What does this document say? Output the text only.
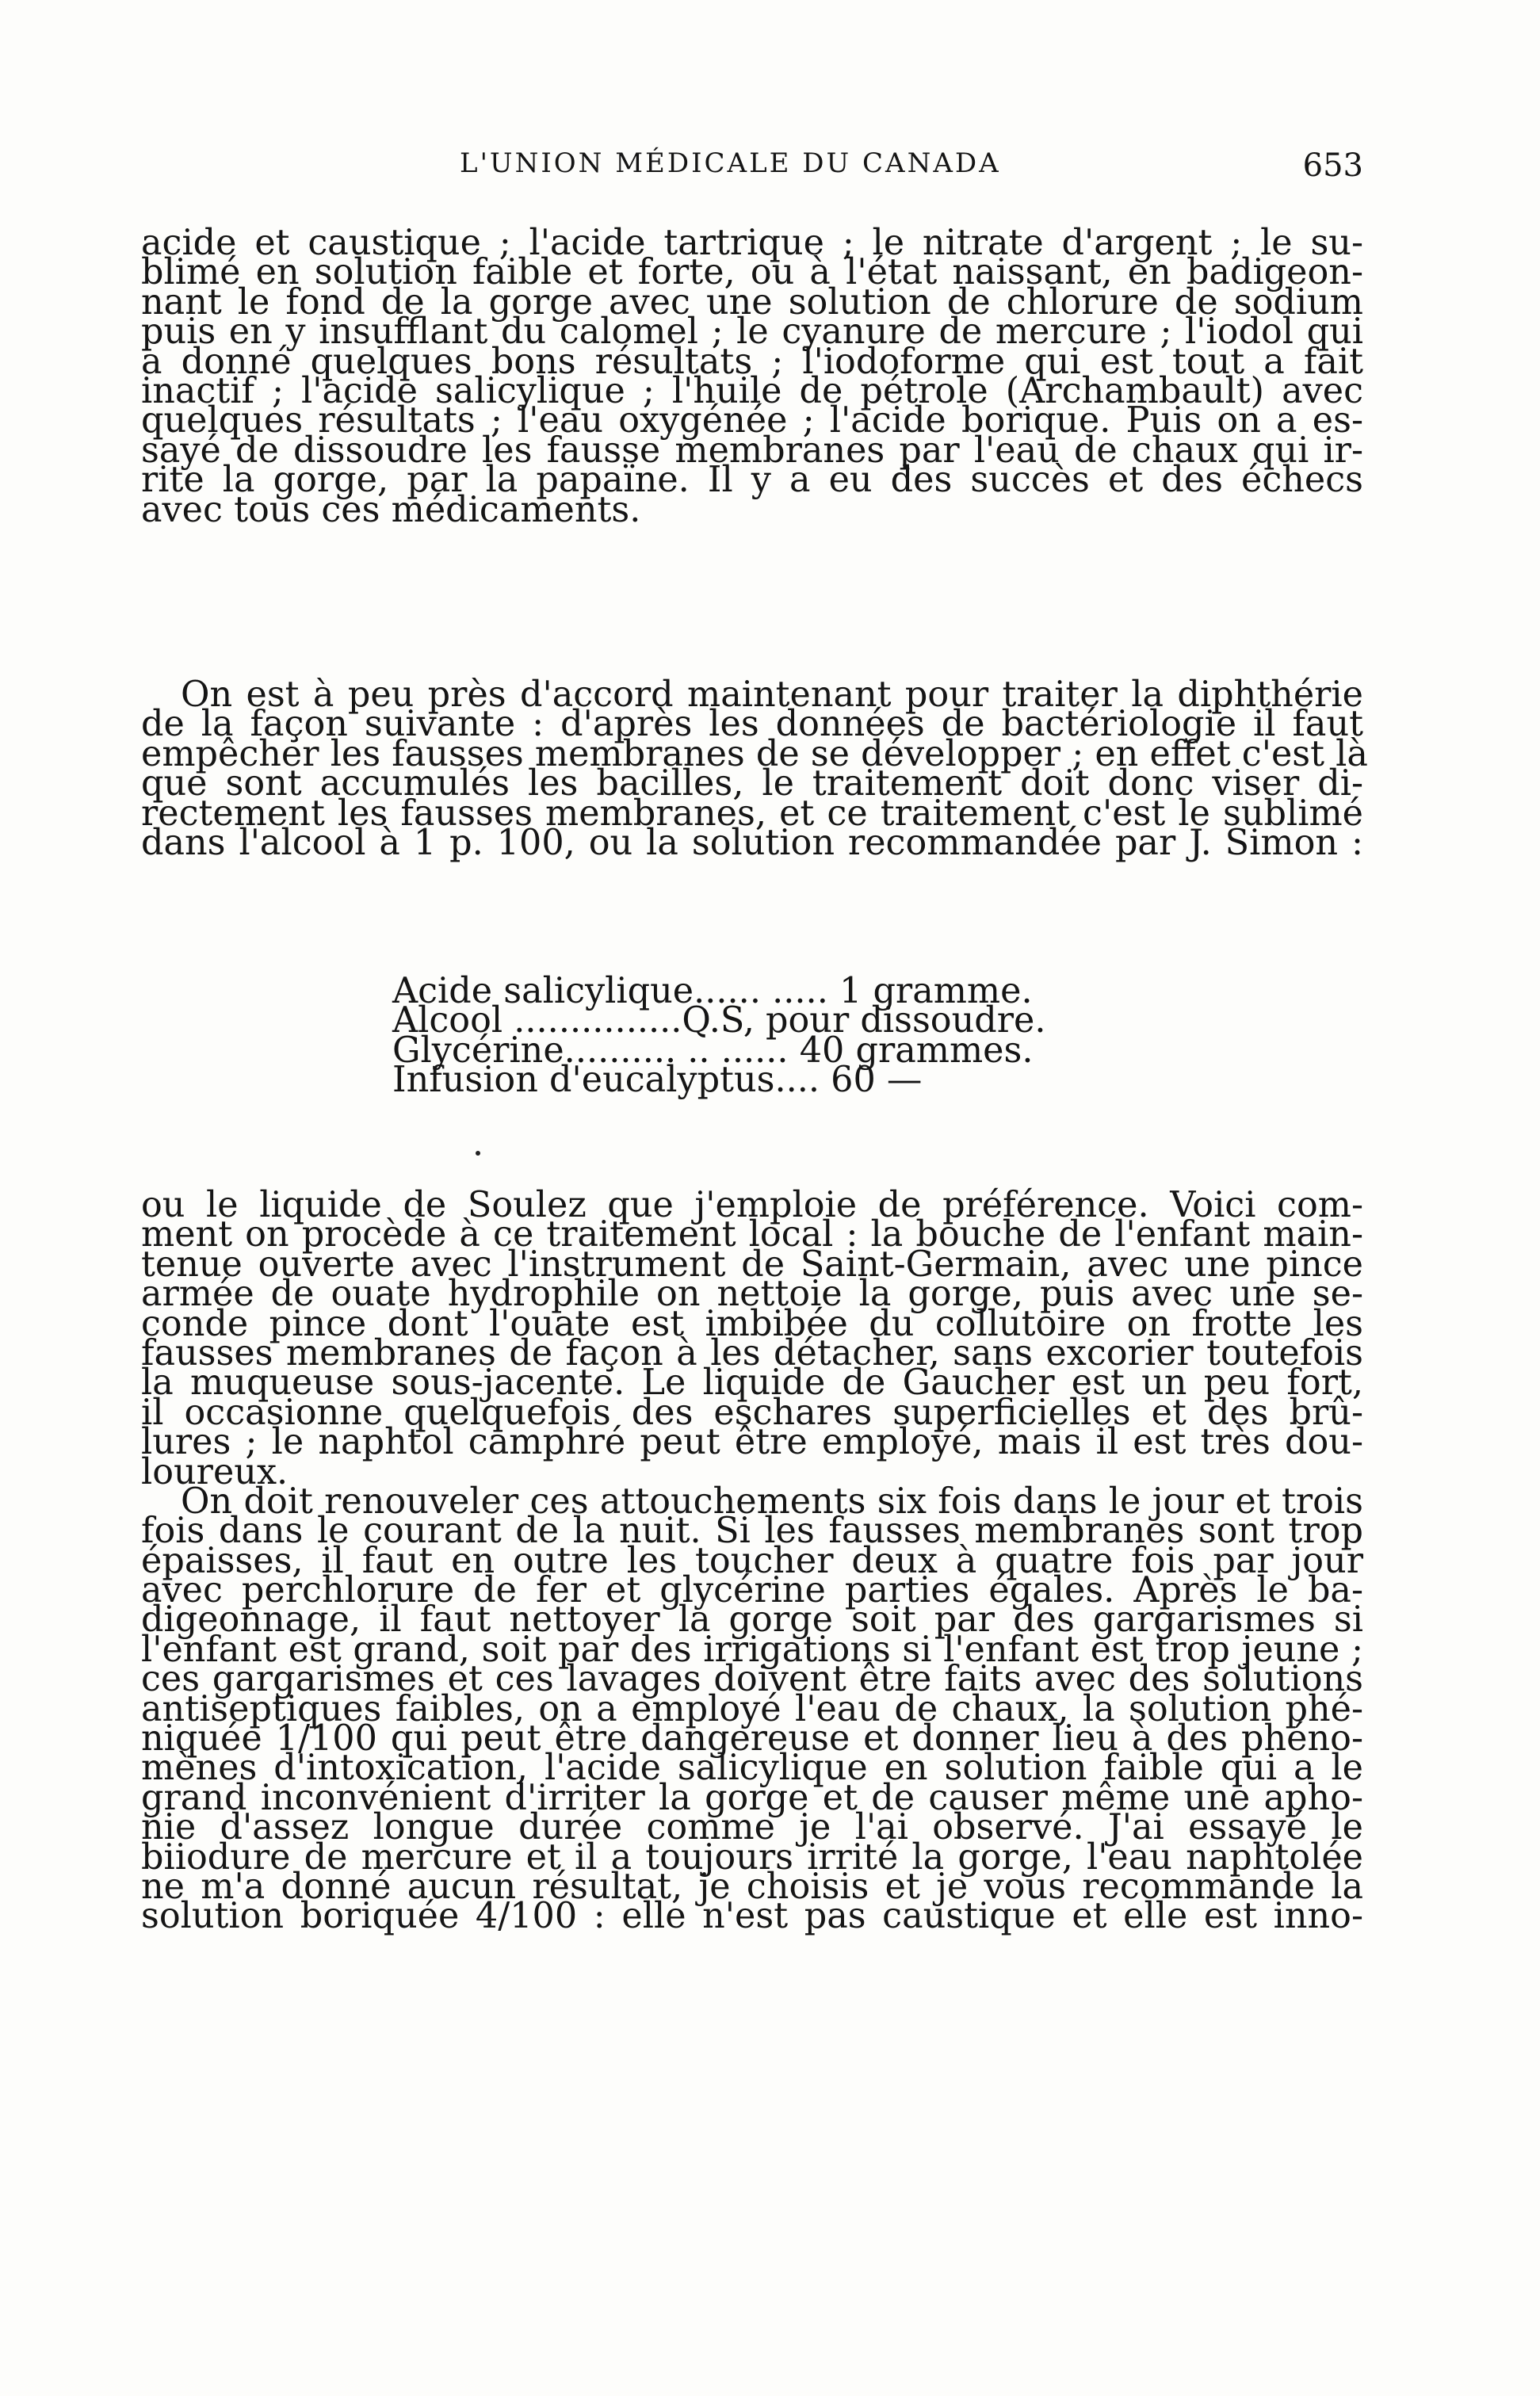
L'UNION MÉDICALE DU CANADA	653
acide et caustique ; l'acide tartrique ; le nitrate d'argent ; le su-
blimé en solution faible et forte, ou à l'état naissant, en badigeon-
nant le fond de la gorge avec une solution de chlorure de sodium
puis en y insufflant du calomel ; le cyanure de mercure ; l'iodol qui
a donné quelques bons résultats ; l'iodoforme qui est tout a fait
inactif ; l'acide salicylique ; l'huile de pétrole (Archambault) avec
quelques résultats ; l'eau oxygénée ; l'acide borique. Puis on a es-
sayé de dissoudre les fausse membranes par l'eau de chaux qui ir-
rite la gorge, par la papaïne. Il y a eu des succès et des échecs
avec tous ces médicaments.
On est à peu près d'accord maintenant pour traiter la diphthérie
de la façon suivante : d'après les données de bactériologie il faut
empêcher les fausses membranes de se développer ; en effet c'est là
que sont accumulés les bacilles, le traitement doit donc viser di-
rectement les fausses membranes, et ce traitement c'est le sublimé
dans l'alcool à 1 p. 100, ou la solution recommandée par J. Simon :
Acide salicylique...... ..... 1 gramme.
Alcool ...............Q.S, pour dissoudre.
Glycérine.......... .. ...... 40 grammes.
Infusion d'eucalyptus.... 60 —
ou le liquide de Soulez que j'emploie de préférence. Voici com-
ment on procède à ce traitement local : la bouche de l'enfant main-
tenue ouverte avec l'instrument de Saint-Germain, avec une pince
armée de ouate hydrophile on nettoie la gorge, puis avec une se-
conde pince dont l'ouate est imbibée du collutoire on frotte les
fausses membranes de façon à les détacher, sans excorier toutefois
la muqueuse sous-jacente. Le liquide de Gaucher est un peu fort,
il occasionne quelquefois des eschares superficielles et des brû-
lures ; le naphtol camphré peut être employé, mais il est très dou-
loureux.
On doit renouveler ces attouchements six fois dans le jour et trois
fois dans le courant de la nuit. Si les fausses membranes sont trop
épaisses, il faut en outre les toucher deux à quatre fois par jour
avec perchlorure de fer et glycérine parties égales. Après le ba-
digeonnage, il faut nettoyer la gorge soit par des gargarismes si
l'enfant est grand, soit par des irrigations si l'enfant est trop jeune ;
ces gargarismes et ces lavages doivent être faits avec des solutions
antiseptiques faibles, on a employé l'eau de chaux, la solution phé-
niquée 1/100 qui peut être dangereuse et donner lieu à des phéno-
mènes d'intoxication, l'acide salicylique en solution faible qui a le
grand inconvénient d'irriter la gorge et de causer même une apho-
nie d'assez longue durée comme je l'ai observé. J'ai essayé le
biiodure de mercure et il a toujours irrité la gorge, l'eau naphtolée
ne m'a donné aucun résultat, je choisis et je vous recommande la
solution boriquée 4/100 : elle n'est pas caustique et elle est inno-
